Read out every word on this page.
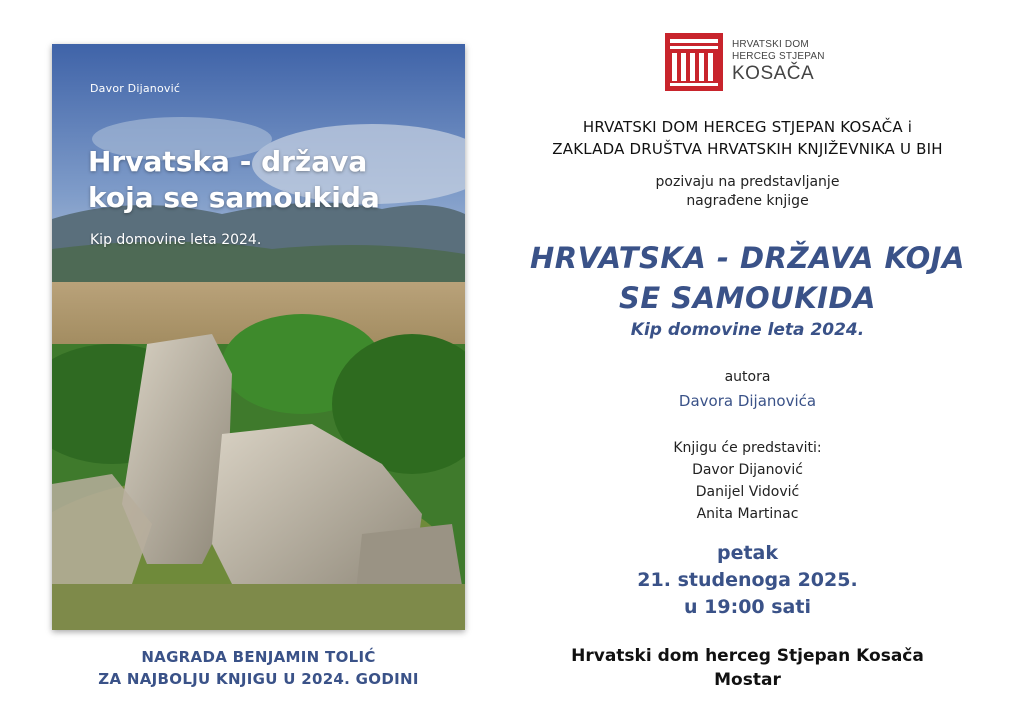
Davor Dijanović
Hrvatska - država
koja se samoukida
Kip domovine leta 2024.
NAGRADA BENJAMIN TOLIĆ
ZA NAJBOLJU KNJIGU U 2024. GODINI
HRVATSKI DOM
HERCEG STJEPAN
KOSAČA
HRVATSKI DOM HERCEG STJEPAN KOSAČA i
ZAKLADA DRUŠTVA HRVATSKIH KNJIŽEVNIKA U BIH
pozivaju na predstavljanje
nagrađene knjige
HRVATSKA - DRŽAVA KOJA
SE SAMOUKIDA
Kip domovine leta 2024.
autora
Davora Dijanovića
Knjigu će predstaviti:
Davor Dijanović
Danijel Vidović
Anita Martinac
petak
21. studenoga 2025.
u 19:00 sati
Hrvatski dom herceg Stjepan Kosača
Mostar
